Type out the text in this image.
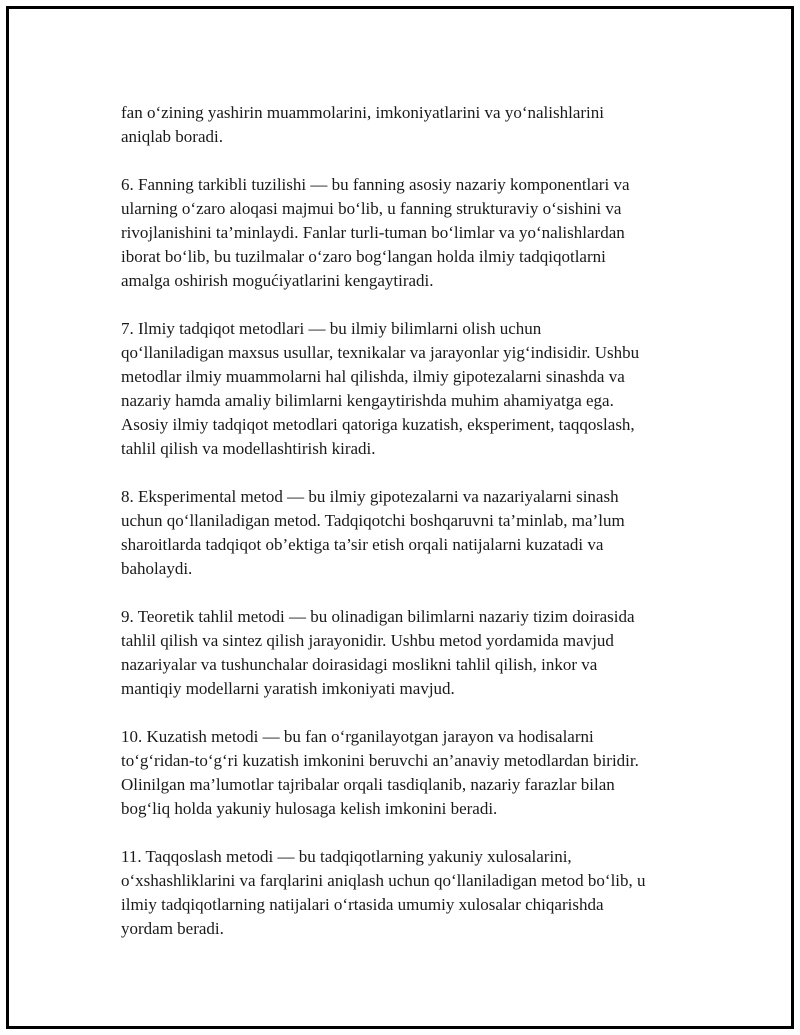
fan o‘zining yashirin muammolarini, imkoniyatlarini va yo‘nalishlarini
aniqlab boradi.

6. Fanning tarkibli tuzilishi — bu fanning asosiy nazariy komponentlari va
ularning o‘zaro aloqasi majmui bo‘lib, u fanning strukturaviy o‘sishini va
rivojlanishini ta’minlaydi. Fanlar turli-tuman bo‘limlar va yo‘nalishlardan
iborat bo‘lib, bu tuzilmalar o‘zaro bog‘langan holda ilmiy tadqiqotlarni
amalga oshirish mogućiyatlarini kengaytiradi.

7. Ilmiy tadqiqot metodlari — bu ilmiy bilimlarni olish uchun
qo‘llaniladigan maxsus usullar, texnikalar va jarayonlar yig‘indisidir. Ushbu
metodlar ilmiy muammolarni hal qilishda, ilmiy gipotezalarni sinashda va
nazariy hamda amaliy bilimlarni kengaytirishda muhim ahamiyatga ega.
Asosiy ilmiy tadqiqot metodlari qatoriga kuzatish, eksperiment, taqqoslash,
tahlil qilish va modellashtirish kiradi.

8. Eksperimental metod — bu ilmiy gipotezalarni va nazariyalarni sinash
uchun qo‘llaniladigan metod. Tadqiqotchi boshqaruvni ta’minlab, ma’lum
sharoitlarda tadqiqot ob’ektiga ta’sir etish orqali natijalarni kuzatadi va
baholaydi.

9. Teoretik tahlil metodi — bu olinadigan bilimlarni nazariy tizim doirasida
tahlil qilish va sintez qilish jarayonidir. Ushbu metod yordamida mavjud
nazariyalar va tushunchalar doirasidagi moslikni tahlil qilish, inkor va
mantiqiy modellarni yaratish imkoniyati mavjud.

10. Kuzatish metodi — bu fan o‘rganilayotgan jarayon va hodisalarni
to‘g‘ridan-to‘g‘ri kuzatish imkonini beruvchi an’anaviy metodlardan biridir.
Olinilgan ma’lumotlar tajribalar orqali tasdiqlanib, nazariy farazlar bilan
bog‘liq holda yakuniy hulosaga kelish imkonini beradi.

11. Taqqoslash metodi — bu tadqiqotlarning yakuniy xulosalarini,
o‘xshashliklarini va farqlarini aniqlash uchun qo‘llaniladigan metod bo‘lib, u
ilmiy tadqiqotlarning natijalari o‘rtasida umumiy xulosalar chiqarishda
yordam beradi.
